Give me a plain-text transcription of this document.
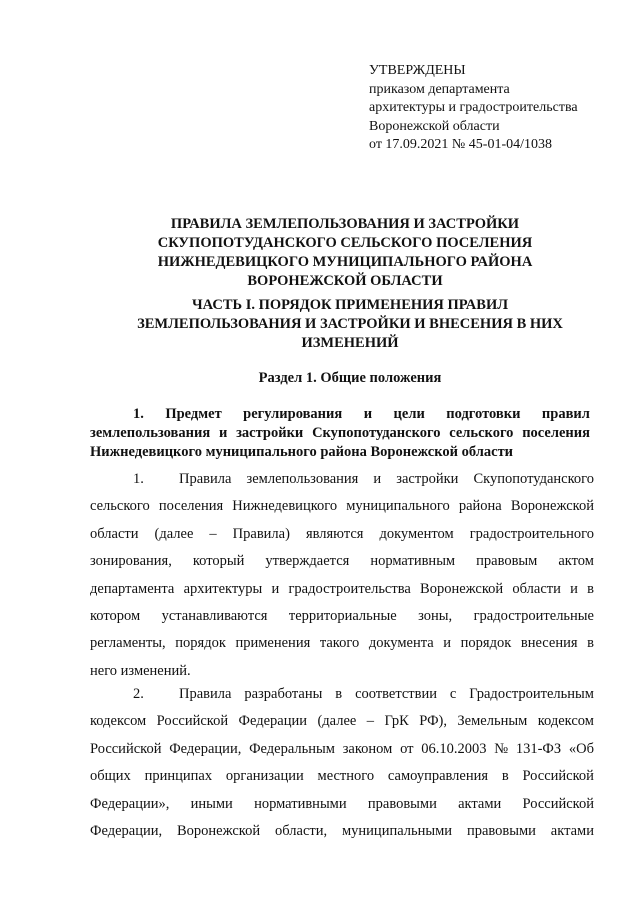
УТВЕРЖДЕНЫ
приказом департамента
архитектуры и градостроительства
Воронежской области
от 17.09.2021 № 45-01-04/1038
ПРАВИЛА ЗЕМЛЕПОЛЬЗОВАНИЯ И ЗАСТРОЙКИ
СКУПОПОТУДАНСКОГО СЕЛЬСКОГО ПОСЕЛЕНИЯ
НИЖНЕДЕВИЦКОГО МУНИЦИПАЛЬНОГО РАЙОНА
ВОРОНЕЖСКОЙ ОБЛАСТИ
ЧАСТЬ I. ПОРЯДОК ПРИМЕНЕНИЯ ПРАВИЛ
ЗЕМЛЕПОЛЬЗОВАНИЯ И ЗАСТРОЙКИ И ВНЕСЕНИЯ В НИХ
ИЗМЕНЕНИЙ
Раздел 1. Общие положения
1. Предмет регулирования и цели подготовки правил
землепользования и застройки Скупопотуданского сельского поселения
Нижнедевицкого муниципального района Воронежской области
1. Правила землепользования и застройки Скупопотуданского
сельского поселения Нижнедевицкого муниципального района Воронежской
области (далее – Правила) являются документом градостроительного
зонирования, который утверждается нормативным правовым актом
департамента архитектуры и градостроительства Воронежской области и в
котором устанавливаются территориальные зоны, градостроительные
регламенты, порядок применения такого документа и порядок внесения в
него изменений.
2. Правила разработаны в соответствии с Градостроительным
кодексом Российской Федерации (далее – ГрК РФ), Земельным кодексом
Российской Федерации, Федеральным законом от 06.10.2003 № 131-ФЗ «Об
общих принципах организации местного самоуправления в Российской
Федерации», иными нормативными правовыми актами Российской
Федерации, Воронежской области, муниципальными правовыми актами
